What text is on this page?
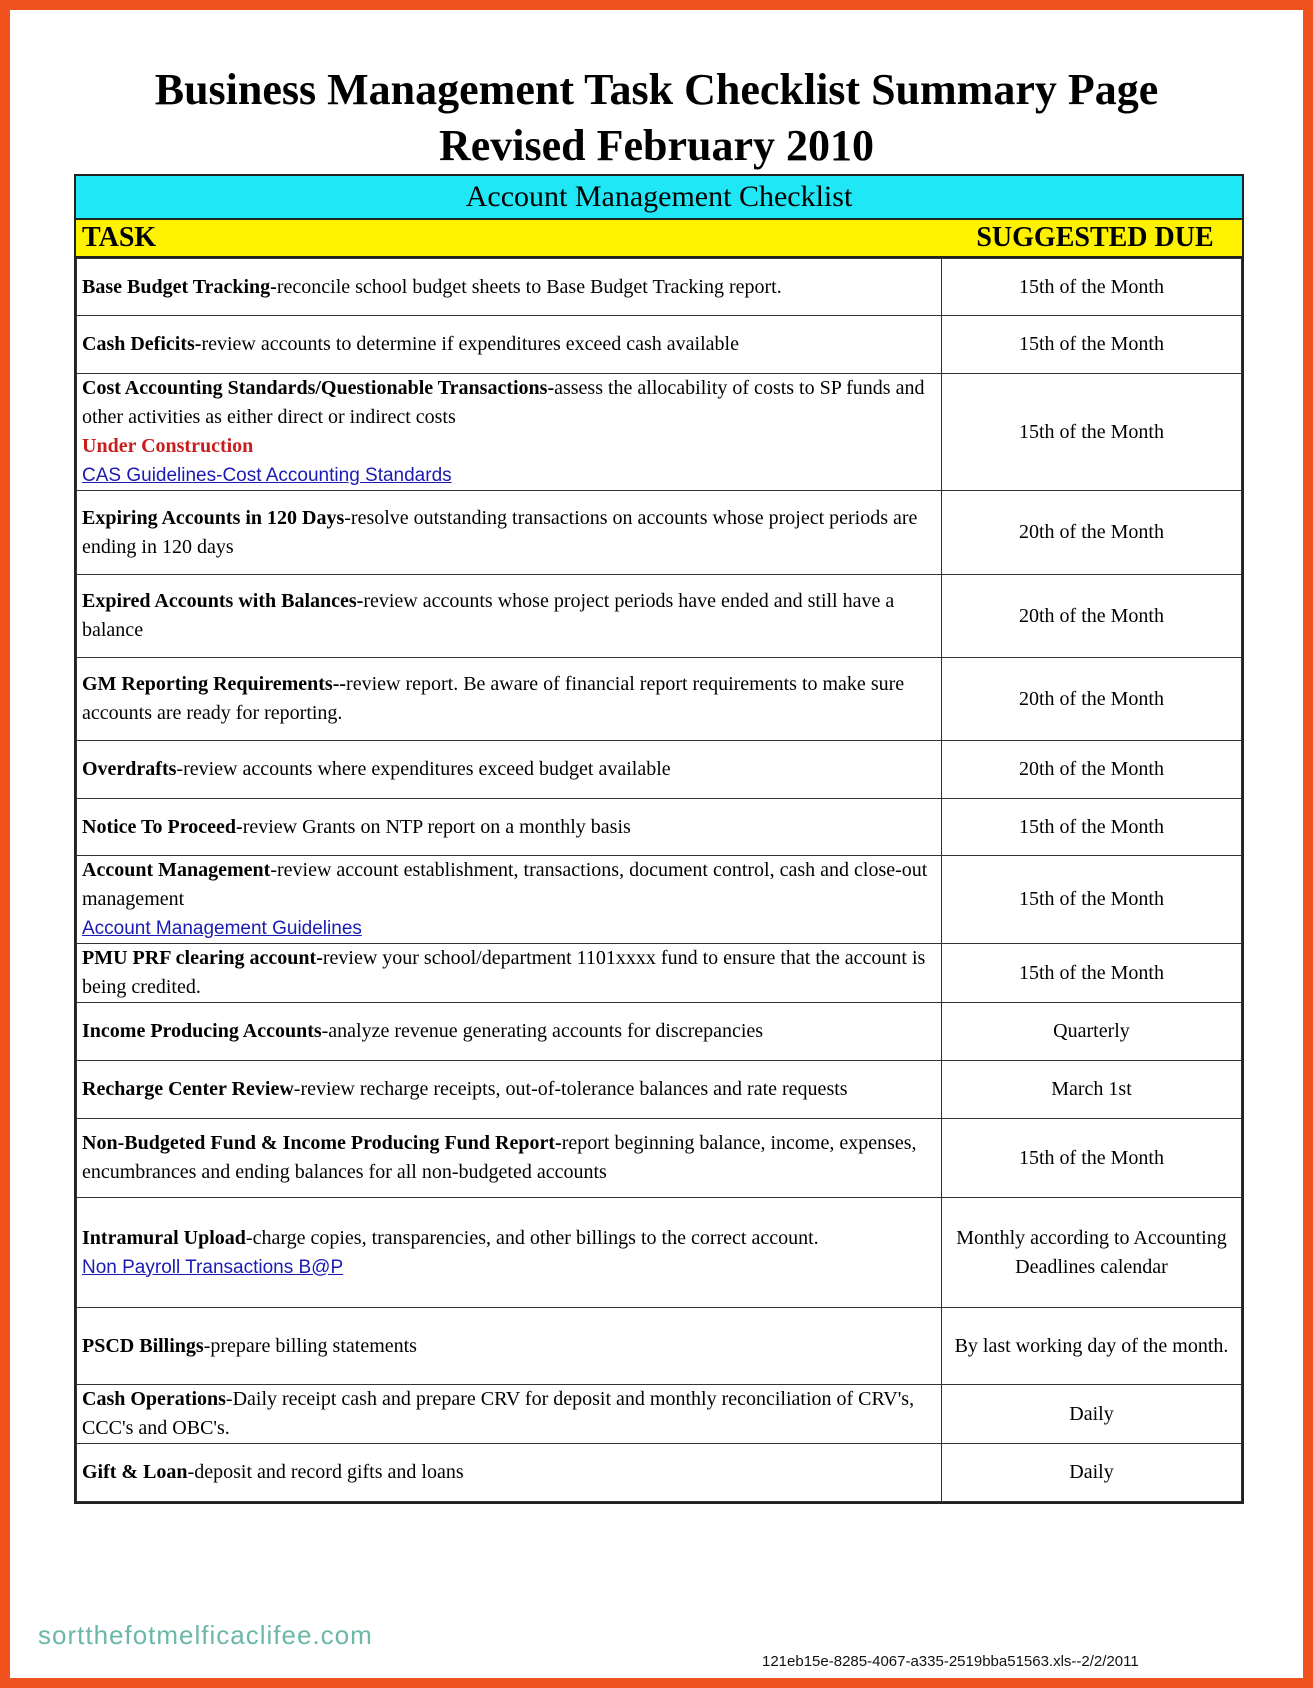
Business Management Task Checklist Summary Page
Revised February 2010
Account Management Checklist
TASK	SUGGESTED DUE
Base Budget Tracking-reconcile school budget sheets to Base Budget Tracking report.	15th of the Month
Cash Deficits-review accounts to determine if expenditures exceed cash available	15th of the Month
Cost Accounting Standards/Questionable Transactions-assess the allocability of costs to SP funds and other activities as either direct or indirect costs
Under Construction
CAS Guidelines-Cost Accounting Standards	15th of the Month
Expiring Accounts in 120 Days-resolve outstanding transactions on accounts whose project periods are ending in 120 days	20th of the Month
Expired Accounts with Balances-review accounts whose project periods have ended and still have a balance	20th of the Month
GM Reporting Requirements--review report. Be aware of financial report requirements to make sure accounts are ready for reporting.	20th of the Month
Overdrafts-review accounts where expenditures exceed budget available	20th of the Month
Notice To Proceed-review Grants on NTP report on a monthly basis	15th of the Month
Account Management-review account establishment, transactions, document control, cash and close-out management
Account Management Guidelines	15th of the Month
PMU PRF clearing account-review your school/department 1101xxxx fund to ensure that the account is being credited.	15th of the Month
Income Producing Accounts-analyze revenue generating accounts for discrepancies	Quarterly
Recharge Center Review-review recharge receipts, out-of-tolerance balances and rate requests	March 1st
Non-Budgeted Fund & Income Producing Fund Report-report beginning balance, income, expenses, encumbrances and ending balances for all non-budgeted accounts	15th of the Month
Intramural Upload-charge copies, transparencies, and other billings to the correct account.
Non Payroll Transactions B@P	Monthly according to Accounting Deadlines calendar
PSCD Billings-prepare billing statements	By last working day of the month.
Cash Operations-Daily receipt cash and prepare CRV for deposit and monthly reconciliation of CRV's, CCC's and OBC's.	Daily
Gift & Loan-deposit and record gifts and loans	Daily
sortthefotmelficaclifee.com
121eb15e-8285-4067-a335-2519bba51563.xls--2/2/2011
